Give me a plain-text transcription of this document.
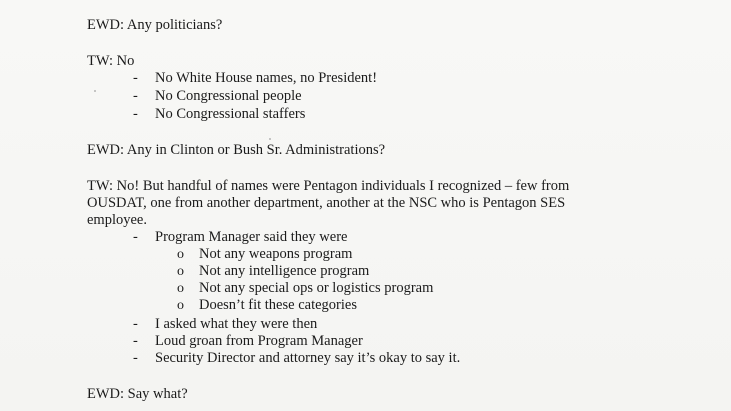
EWD: Any politicians?
TW: No
- No White House names, no President!
- No Congressional people
- No Congressional staffers
EWD: Any in Clinton or Bush Sr. Administrations?
TW: No! But handful of names were Pentagon individuals I recognized – few from
OUSDAT, one from another department, another at the NSC who is Pentagon SES
employee.
- Program Manager said they were
o Not any weapons program
o Not any intelligence program
o Not any special ops or logistics program
o Doesn’t fit these categories
- I asked what they were then
- Loud groan from Program Manager
- Security Director and attorney say it’s okay to say it.
EWD: Say what?
